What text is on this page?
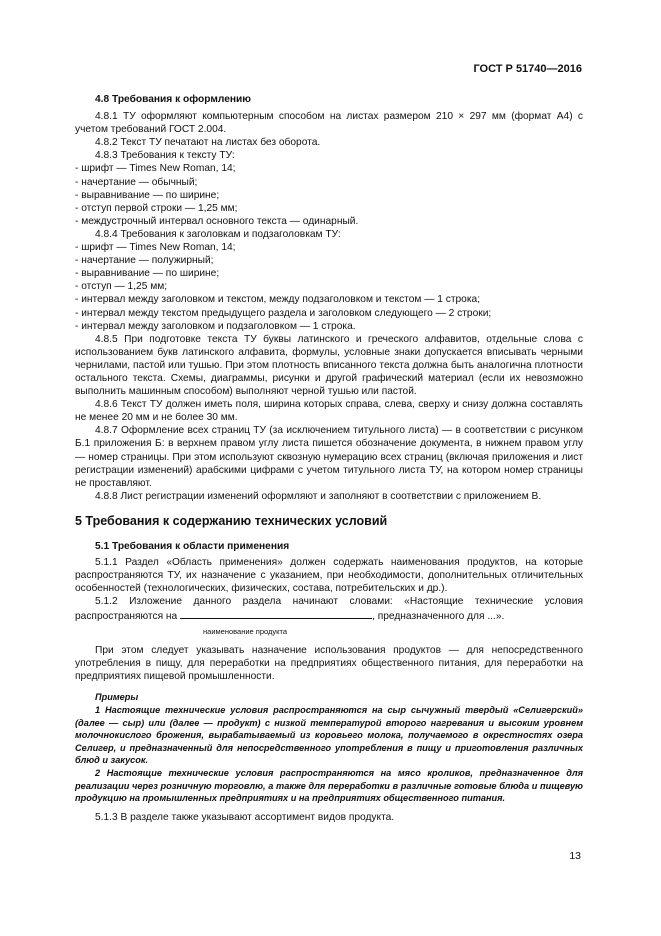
ГОСТ Р 51740—2016

4.8 Требования к оформлению

4.8.1 ТУ оформляют компьютерным способом на листах размером 210 × 297 мм (формат А4) с учетом требований ГОСТ 2.004.

4.8.2 Текст ТУ печатают на листах без оборота.

4.8.3 Требования к тексту ТУ:

- шрифт — Times New Roman, 14;

- начертание — обычный;

- выравнивание — по ширине;

- отступ первой строки — 1,25 мм;

- междустрочный интервал основного текста — одинарный.

4.8.4 Требования к заголовкам и подзаголовкам ТУ:

- шрифт — Times New Roman, 14;

- начертание — полужирный;

- выравнивание — по ширине;

- отступ — 1,25 мм;

- интервал между заголовком и текстом, между подзаголовком и текстом — 1 строка;

- интервал между текстом предыдущего раздела и заголовком следующего — 2 строки;

- интервал между заголовком и подзаголовком — 1 строка.

4.8.5 При подготовке текста ТУ буквы латинского и греческого алфавитов, отдельные слова с использованием букв латинского алфавита, формулы, условные знаки допускается вписывать черными чернилами, пастой или тушью. При этом плотность вписанного текста должна быть аналогична плотности остального текста. Схемы, диаграммы, рисунки и другой графический материал (если их невозможно выполнить машинным способом) выполняют черной тушью или пастой.

4.8.6 Текст ТУ должен иметь поля, ширина которых справа, слева, сверху и снизу должна составлять не менее 20 мм и не более 30 мм.

4.8.7 Оформление всех страниц ТУ (за исключением титульного листа) — в соответствии с рисунком Б.1 приложения Б: в верхнем правом углу листа пишется обозначение документа, в нижнем правом углу — номер страницы. При этом используют сквозную нумерацию всех страниц (включая приложения и лист регистрации изменений) арабскими цифрами с учетом титульного листа ТУ, на котором номер страницы не проставляют.

4.8.8 Лист регистрации изменений оформляют и заполняют в соответствии с приложением В.

5 Требования к содержанию технических условий

5.1 Требования к области применения

5.1.1 Раздел «Область применения» должен содержать наименования продуктов, на которые распространяются ТУ, их назначение с указанием, при необходимости, дополнительных отличительных особенностей (технологических, физических, состава, потребительских и др.).

5.1.2 Изложение данного раздела начинают словами: «Настоящие технические условия распространяются на	, предназначенного для ...».

наименование продукта

При этом следует указывать назначение использования продуктов — для непосредственного употребления в пищу, для переработки на предприятиях общественного питания, для переработки на предприятиях пищевой промышленности.

Примеры

1 Настоящие технические условия распространяются на сыр сычужный твердый «Селигерский» (далее — сыр) или (далее — продукт) с низкой температурой второго нагревания и высоким уровнем молочнокислого брожения, вырабатываемый из коровьего молока, получаемого в окрестностях озера Селигер, и предназначенный для непосредственного употребления в пищу и приготовления различных блюд и закусок.

2 Настоящие технические условия распространяются на мясо кроликов, предназначенное для реализации через розничную торговлю, а также для переработки в различные готовые блюда и пищевую продукцию на промышленных предприятиях и на предприятиях общественного питания.

5.1.3 В разделе также указывают ассортимент видов продукта.

13
